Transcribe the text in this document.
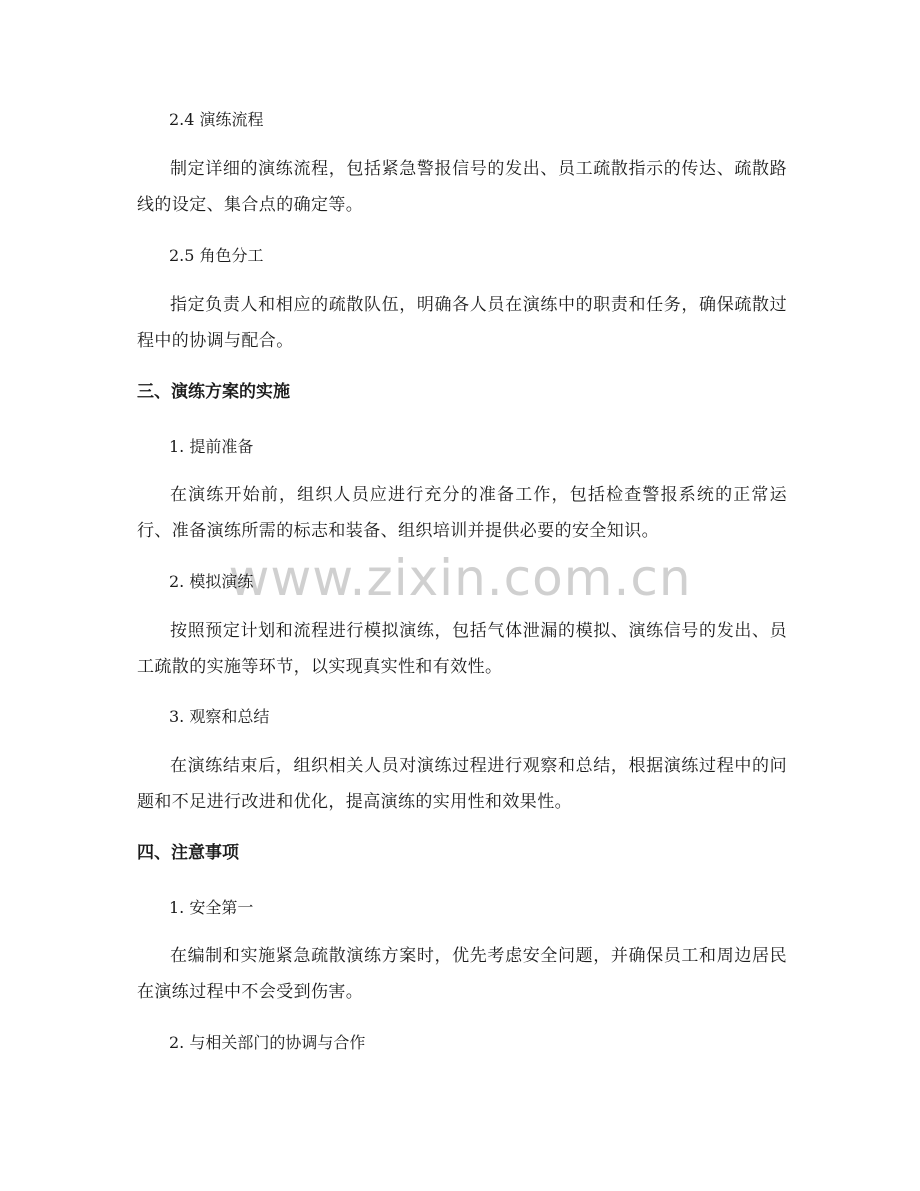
www.zixin.com.cn
2.4 演练流程
制定详细的演练流程，包括紧急警报信号的发出、员工疏散指示的传达、疏散路线的设定、集合点的确定等。
2.5 角色分工
指定负责人和相应的疏散队伍，明确各人员在演练中的职责和任务，确保疏散过程中的协调与配合。
三、演练方案的实施
1. 提前准备
在演练开始前，组织人员应进行充分的准备工作，包括检查警报系统的正常运行、准备演练所需的标志和装备、组织培训并提供必要的安全知识。
2. 模拟演练
按照预定计划和流程进行模拟演练，包括气体泄漏的模拟、演练信号的发出、员工疏散的实施等环节，以实现真实性和有效性。
3. 观察和总结
在演练结束后，组织相关人员对演练过程进行观察和总结，根据演练过程中的问题和不足进行改进和优化，提高演练的实用性和效果性。
四、注意事项
1. 安全第一
在编制和实施紧急疏散演练方案时，优先考虑安全问题，并确保员工和周边居民在演练过程中不会受到伤害。
2. 与相关部门的协调与合作
